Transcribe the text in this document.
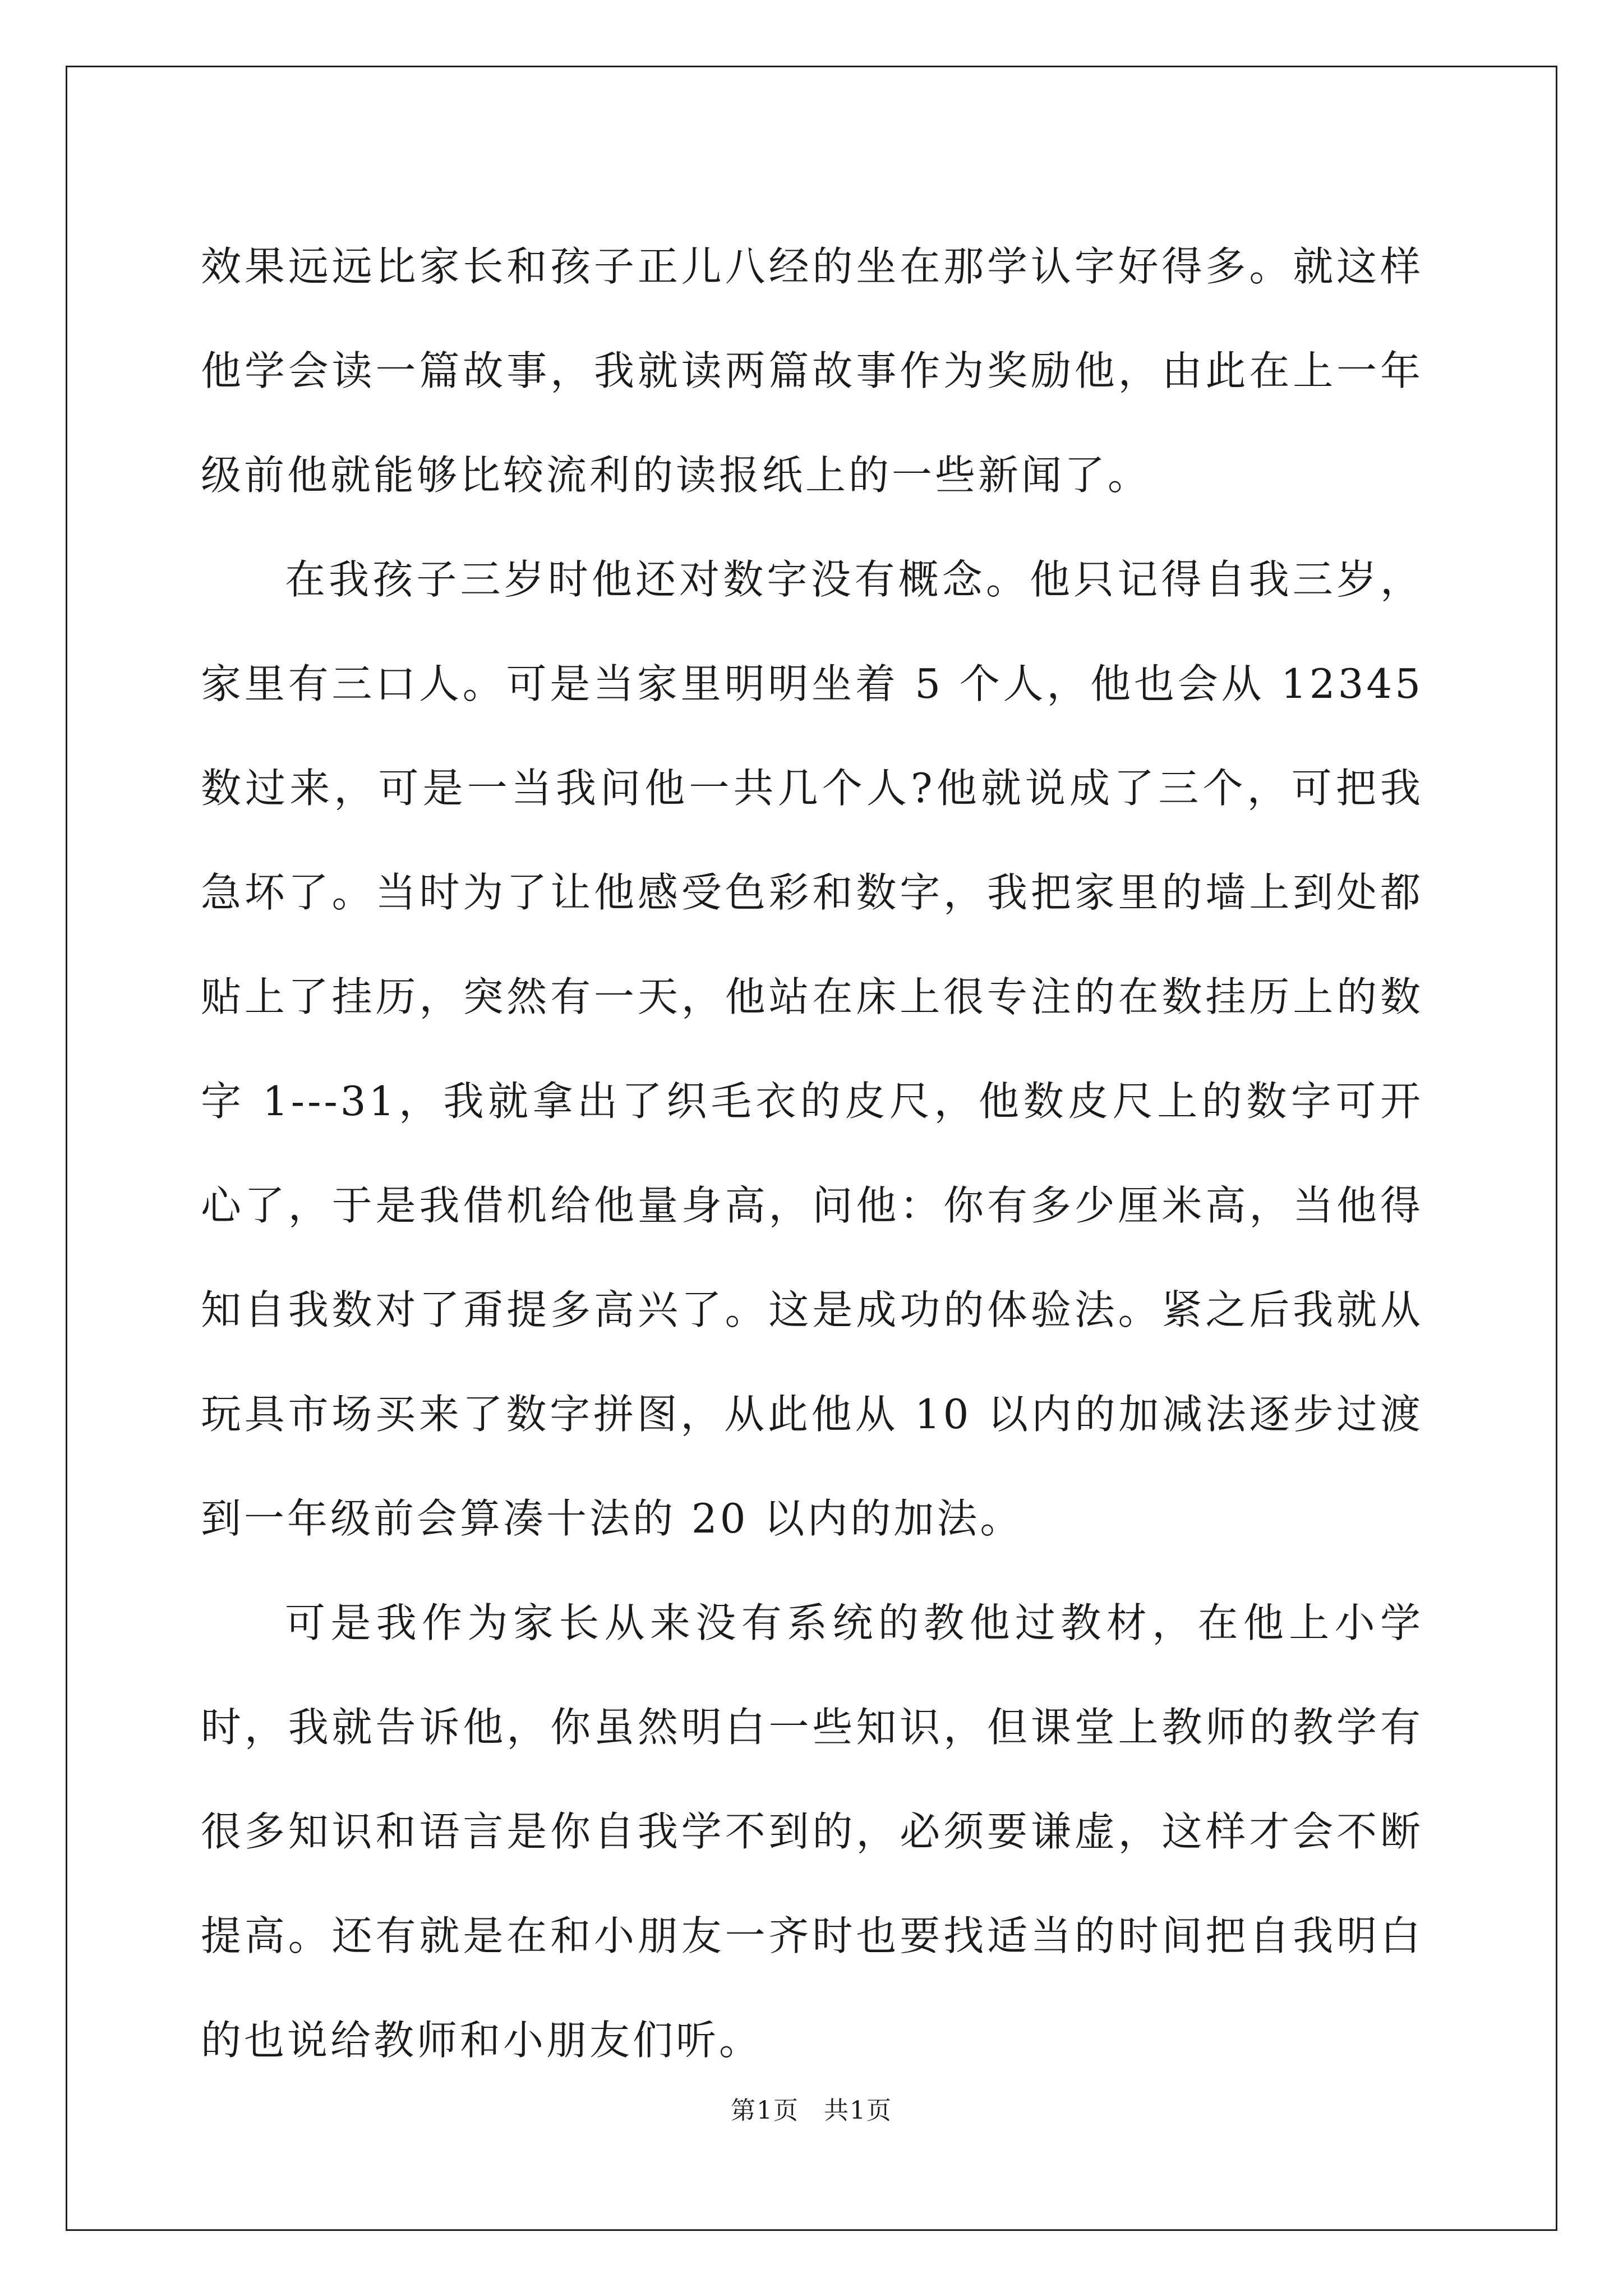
效果远远比家长和孩子正儿八经的坐在那学认字好得多。就这样他学会读一篇故事，我就读两篇故事作为奖励他，由此在上一年级前他就能够比较流利的读报纸上的一些新闻了。

在我孩子三岁时他还对数字没有概念。他只记得自我三岁，家里有三口人。可是当家里明明坐着 5 个人，他也会从 12345 数过来，可是一当我问他一共几个人?他就说成了三个，可把我急坏了。当时为了让他感受色彩和数字，我把家里的墙上到处都贴上了挂历，突然有一天，他站在床上很专注的在数挂历上的数字 1---31，我就拿出了织毛衣的皮尺，他数皮尺上的数字可开心了，于是我借机给他量身高，问他：你有多少厘米高，当他得知自我数对了甭提多高兴了。这是成功的体验法。紧之后我就从玩具市场买来了数字拼图，从此他从 10 以内的加减法逐步过渡到一年级前会算凑十法的 20 以内的加法。

可是我作为家长从来没有系统的教他过教材，在他上小学时，我就告诉他，你虽然明白一些知识，但课堂上教师的教学有很多知识和语言是你自我学不到的，必须要谦虚，这样才会不断提高。还有就是在和小朋友一齐时也要找适当的时间把自我明白的也说给教师和小朋友们听。

第1页 共1页
